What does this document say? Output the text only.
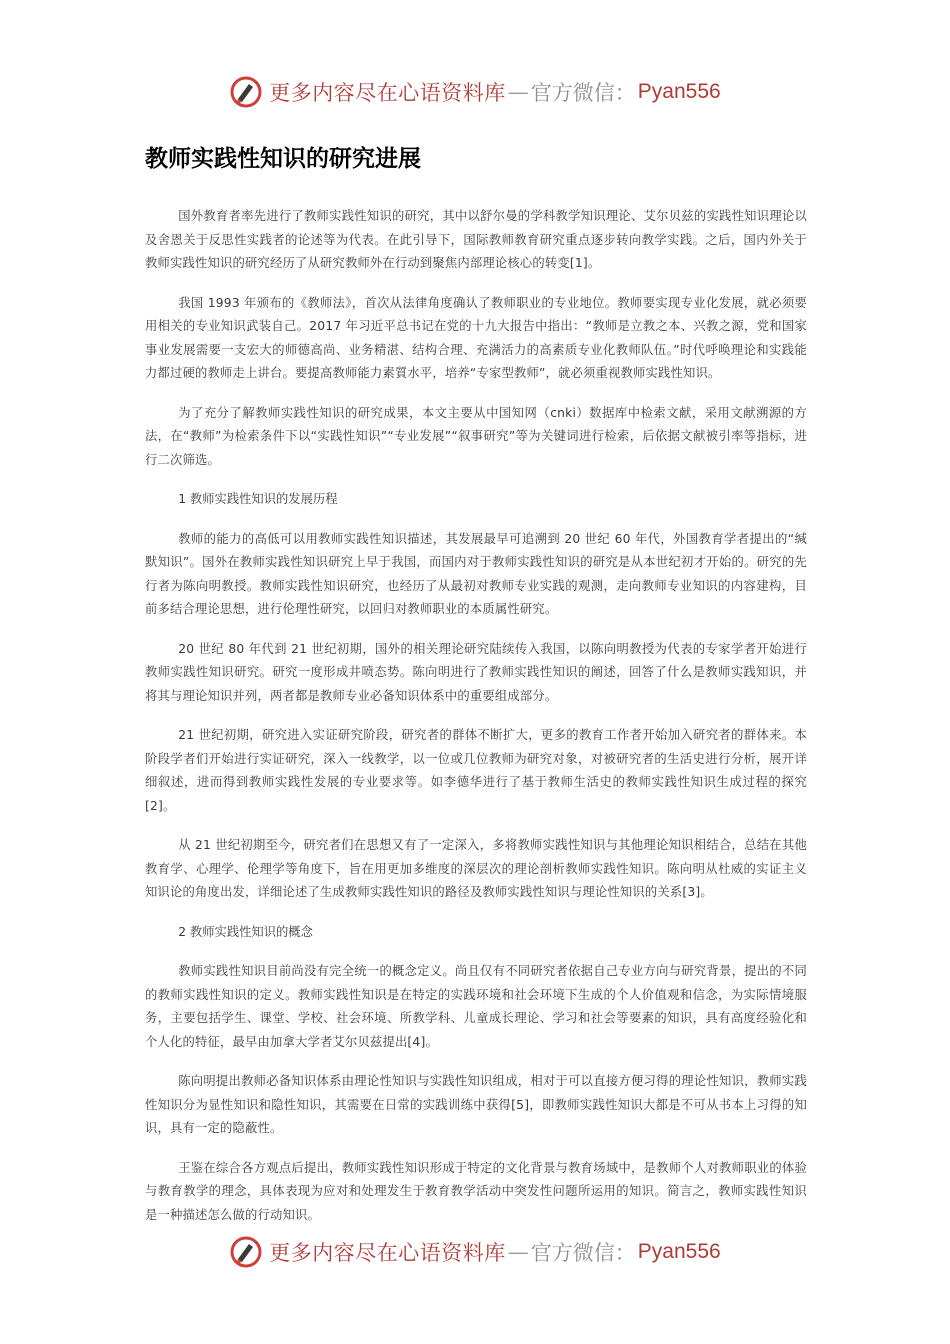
更多内容尽在心语资料库 — 官方微信： Pyan556
教师实践性知识的研究进展

国外教育者率先进行了教师实践性知识的研究，其中以舒尔曼的学科教学知识理论、艾尔贝兹的实践性知识理论以及舍恩关于反思性实践者的论述等为代表。在此引导下，国际教师教育研究重点逐步转向教学实践。之后，国内外关于教师实践性知识的研究经历了从研究教师外在行动到聚焦内部理论核心的转变[1]。

我国 1993 年颁布的《教师法》，首次从法律角度确认了教师职业的专业地位。教师要实现专业化发展，就必须要用相关的专业知识武装自己。2017 年习近平总书记在党的十九大报告中指出：“教师是立教之本、兴教之源，党和国家事业发展需要一支宏大的师德高尚、业务精湛、结构合理、充满活力的高素质专业化教师队伍。”时代呼唤理论和实践能力都过硬的教师走上讲台。要提高教师能力素質水平，培养“专家型教师”，就必须重视教师实践性知识。

为了充分了解教师实践性知识的研究成果，本文主要从中国知网（cnki）数据库中检索文献，采用文献溯源的方法，在“教师”为检索条件下以“实践性知识”“专业发展”“叙事研究”等为关键词进行检索，后依据文献被引率等指标，进行二次筛选。

1 教师实践性知识的发展历程

教师的能力的高低可以用教师实践性知识描述，其发展最早可追溯到 20 世纪 60 年代，外国教育学者提出的“缄默知识”。国外在教师实践性知识研究上早于我国，而国内对于教师实践性知识的研究是从本世纪初才开始的。研究的先行者为陈向明教授。教师实践性知识研究，也经历了从最初对教师专业实践的观测，走向教师专业知识的内容建构，目前多结合理论思想，进行伦理性研究，以回归对教师职业的本质属性研究。

20 世纪 80 年代到 21 世纪初期，国外的相关理论研究陆续传入我国，以陈向明教授为代表的专家学者开始进行教师实践性知识研究。研究一度形成井喷态势。陈向明进行了教师实践性知识的阐述，回答了什么是教师实践知识，并将其与理论知识并列，两者都是教师专业必备知识体系中的重要组成部分。

21 世纪初期，研究进入实证研究阶段，研究者的群体不断扩大，更多的教育工作者开始加入研究者的群体来。本阶段学者们开始进行实证研究，深入一线教学，以一位或几位教师为研究对象，对被研究者的生活史进行分析，展开详细叙述，进而得到教师实践性发展的专业要求等。如李德华进行了基于教师生活史的教师实践性知识生成过程的探究[2]。

从 21 世纪初期至今，研究者们在思想又有了一定深入，多将教师实践性知识与其他理论知识相结合，总结在其他教育学、心理学、伦理学等角度下，旨在用更加多维度的深层次的理论剖析教师实践性知识。陈向明从杜威的实证主义知识论的角度出发，详细论述了生成教师实践性知识的路径及教师实践性知识与理论性知识的关系[3]。

2 教师实践性知识的概念

教师实践性知识目前尚没有完全统一的概念定义。尚且仅有不同研究者依据自己专业方向与研究背景，提出的不同的教师实践性知识的定义。教师实践性知识是在特定的实践环境和社会环境下生成的个人价值观和信念，为实际情境服务，主要包括学生、课堂、学校、社会环境、所教学科、儿童成长理论、学习和社会等要素的知识，具有高度经验化和个人化的特征，最早由加拿大学者艾尔贝兹提出[4]。

陈向明提出教师必备知识体系由理论性知识与实践性知识组成，相对于可以直接方便习得的理论性知识，教师实践性知识分为显性知识和隐性知识，其需要在日常的实践训练中获得[5]，即教师实践性知识大都是不可从书本上习得的知识，具有一定的隐蔽性。

王鉴在综合各方观点后提出，教师实践性知识形成于特定的文化背景与教育场域中，是教师个人对教师职业的体验与教育教学的理念，具体表现为应对和处理发生于教育教学活动中突发性问题所运用的知识。简言之，教师实践性知识是一种描述怎么做的行动知识。

更多内容尽在心语资料库 — 官方微信： Pyan556
